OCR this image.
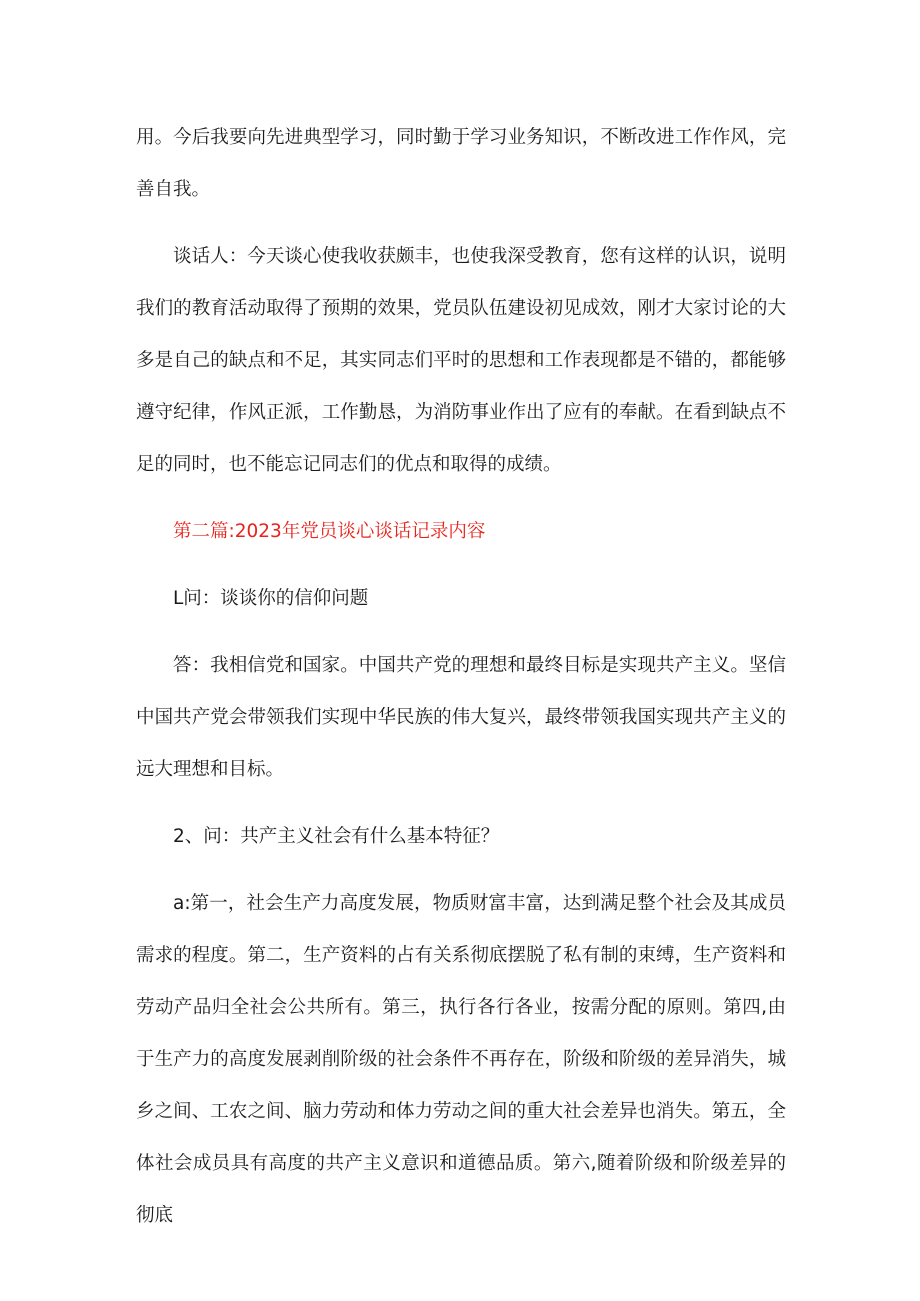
用。今后我要向先进典型学习，同时勤于学习业务知识，不断改进工作作风，完善自我。

谈话人：今天谈心使我收获颇丰，也使我深受教育，您有这样的认识，说明我们的教育活动取得了预期的效果，党员队伍建设初见成效，刚才大家讨论的大多是自己的缺点和不足，其实同志们平时的思想和工作表现都是不错的，都能够遵守纪律，作风正派，工作勤恳，为消防事业作出了应有的奉献。在看到缺点不足的同时，也不能忘记同志们的优点和取得的成绩。

第二篇:2023年党员谈心谈话记录内容

L问：谈谈你的信仰问题

答：我相信党和国家。中国共产党的理想和最终目标是实现共产主义。坚信中国共产党会带领我们实现中华民族的伟大复兴，最终带领我国实现共产主义的远大理想和目标。

2、问：共产主义社会有什么基本特征？

a:第一，社会生产力高度发展，物质财富丰富，达到满足整个社会及其成员需求的程度。第二，生产资料的占有关系彻底摆脱了私有制的束缚，生产资料和劳动产品归全社会公共所有。第三，执行各行各业，按需分配的原则。第四,由于生产力的高度发展剥削阶级的社会条件不再存在，阶级和阶级的差异消失，城乡之间、工农之间、脑力劳动和体力劳动之间的重大社会差异也消失。第五，全体社会成员具有高度的共产主义意识和道德品质。第六,随着阶级和阶级差异的彻底
